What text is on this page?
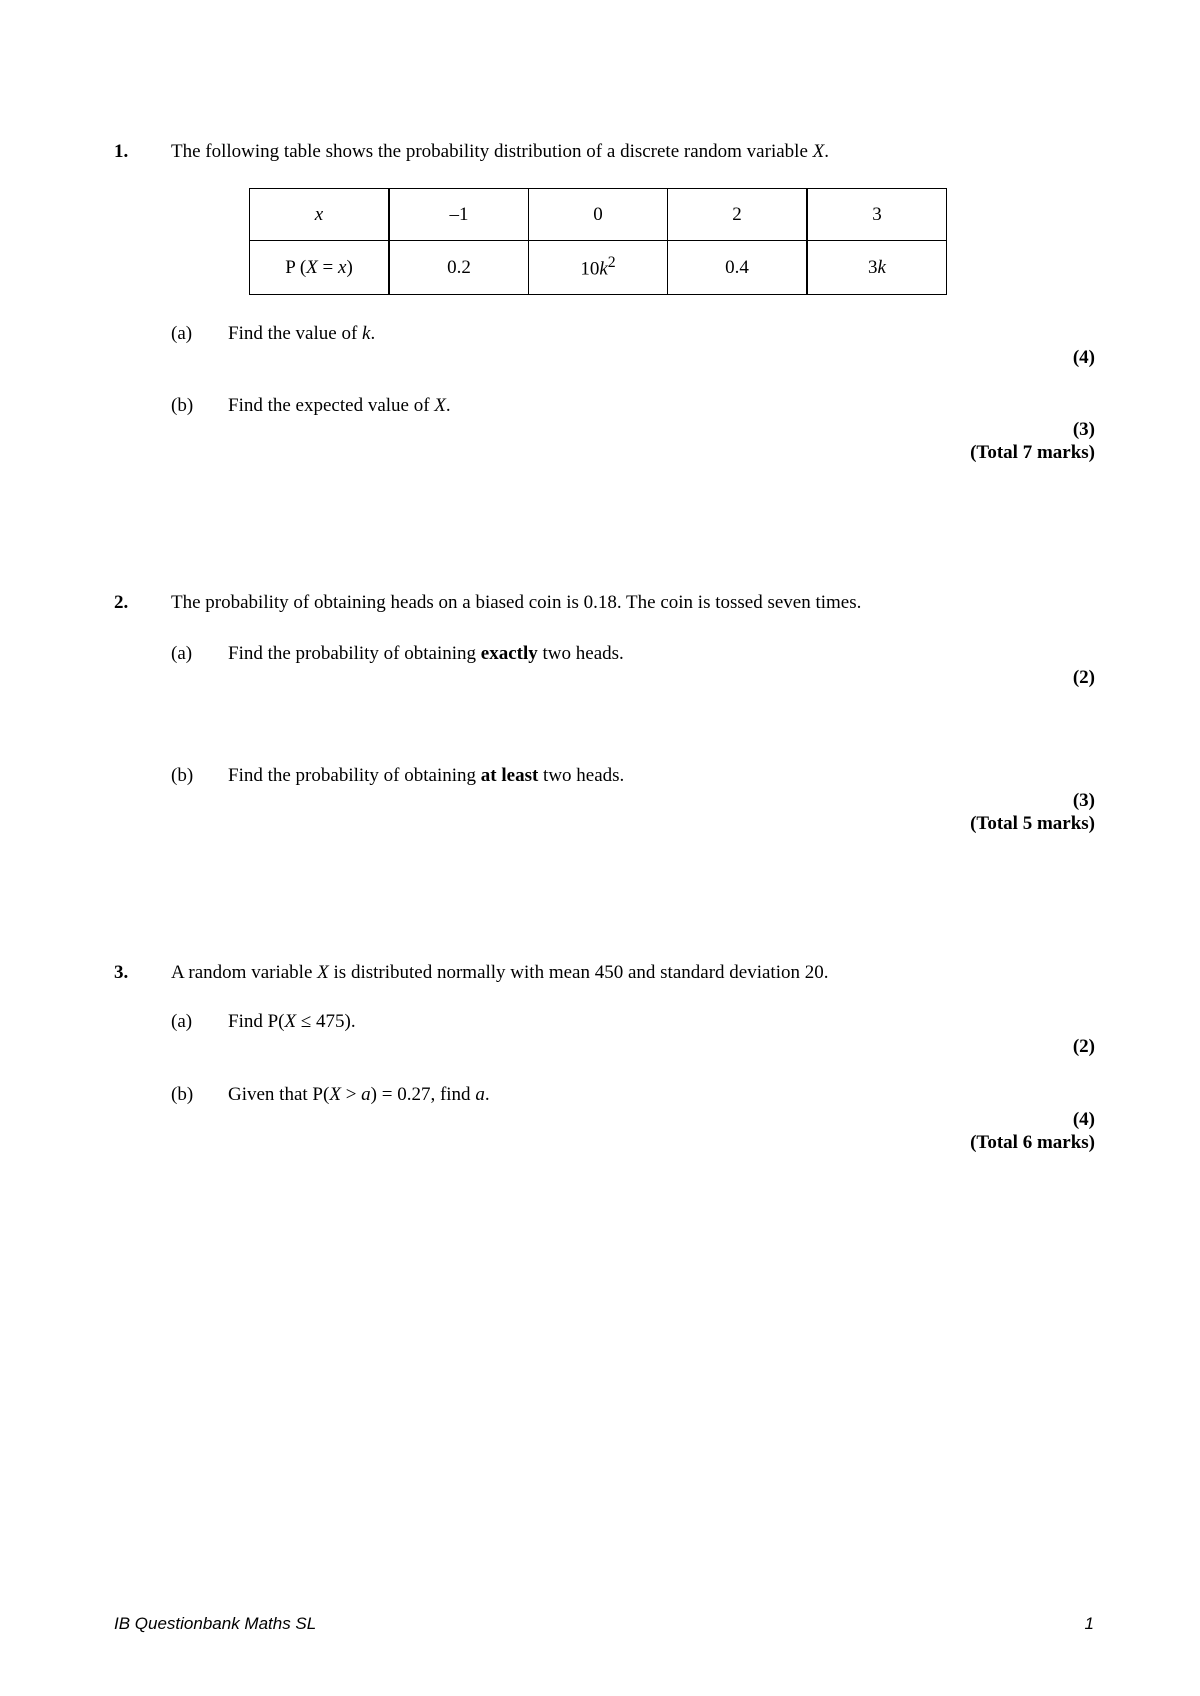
1. The following table shows the probability distribution of a discrete random variable X.
x	–1	0	2	3
P (X = x)	0.2	$10k^2$	0.4	3k
(a) Find the value of k.
(4)
(b) Find the expected value of X.
(3)
(Total 7 marks)
2. The probability of obtaining heads on a biased coin is 0.18. The coin is tossed seven times.
(a) Find the probability of obtaining exactly two heads.
(2)
(b) Find the probability of obtaining at least two heads.
(3)
(Total 5 marks)
3. A random variable X is distributed normally with mean 450 and standard deviation 20.
(a) Find P(X ≤ 475).
(2)
(b) Given that P(X > a) = 0.27, find a.
(4)
(Total 6 marks)
IB Questionbank Maths SL	1
